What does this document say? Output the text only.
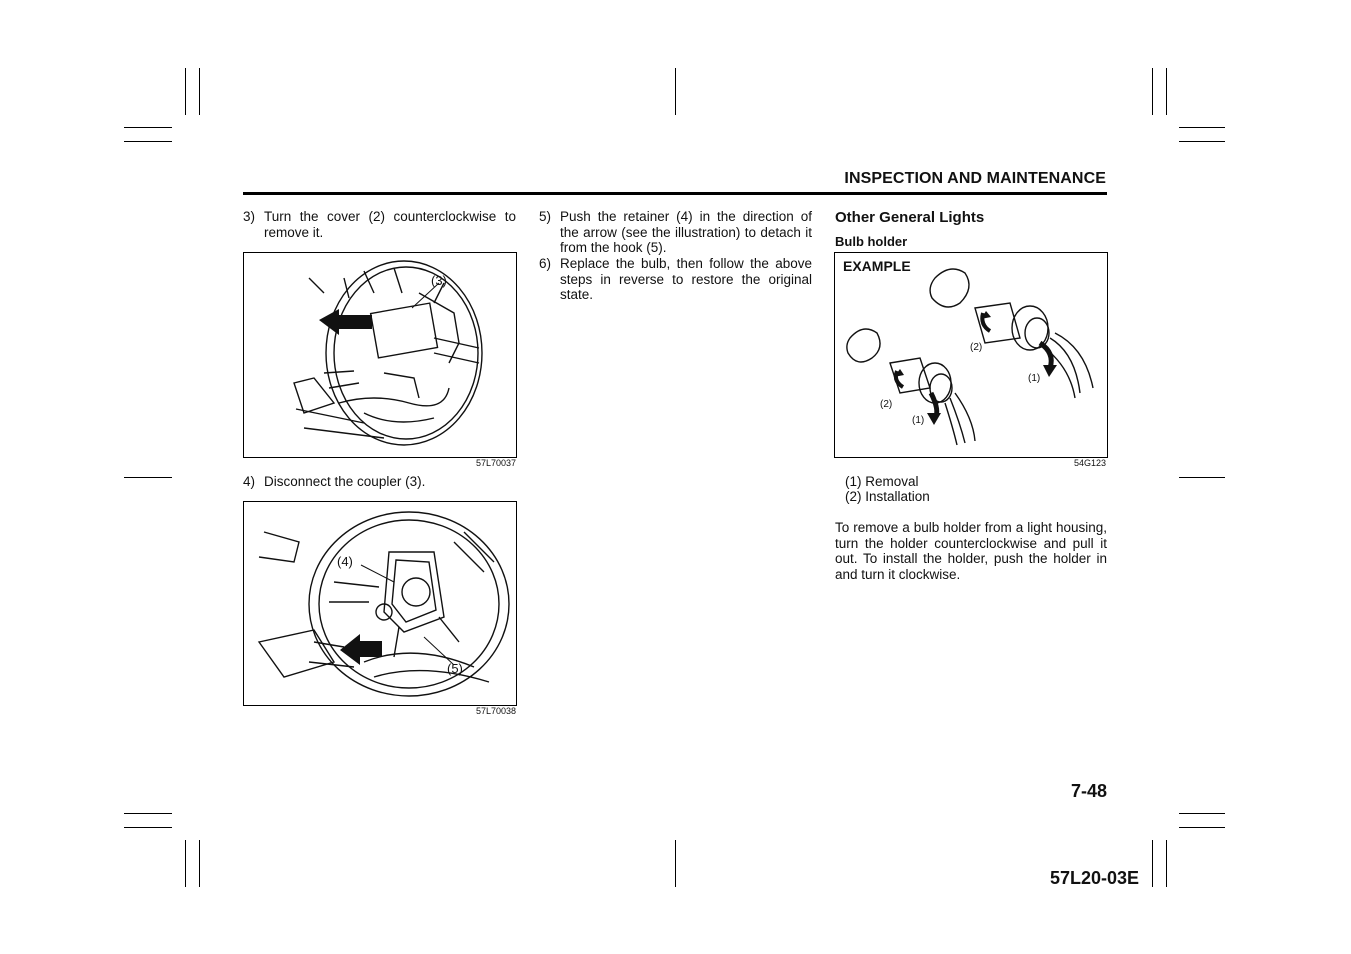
INSPECTION AND MAINTENANCE
3) Turn the cover (2) counterclockwise to remove it.
(3)
57L70037
4) Disconnect the coupler (3).
(4)
(5)
57L70038
5) Push the retainer (4) in the direction of the arrow (see the illustration) to detach it from the hook (5).
6) Replace the bulb, then follow the above steps in reverse to restore the original state.
Other General Lights
Bulb holder
(2)
(1)
(2)
(1)
EXAMPLE
54G123
(1) Removal
(2) Installation
To remove a bulb holder from a light housing, turn the holder counterclockwise and pull it out. To install the holder, push the holder in and turn it clockwise.
7-48
57L20-03E
